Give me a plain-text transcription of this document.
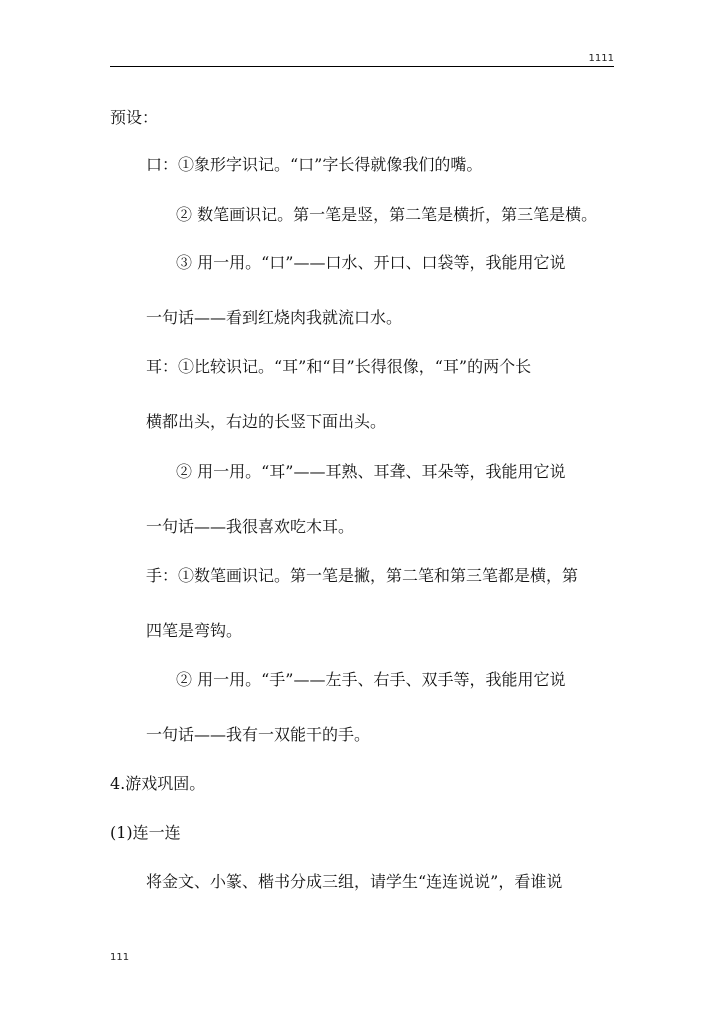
1111
预设：
口：①象形字识记。“口”字长得就像我们的嘴。
② 数笔画识记。第一笔是竖，第二笔是横折，第三笔是横。
③ 用一用。“口”——口水、开口、口袋等，我能用它说
一句话——看到红烧肉我就流口水。
耳：①比较识记。“耳”和“目”长得很像，“耳”的两个长
横都出头，右边的长竖下面出头。
② 用一用。“耳”——耳熟、耳聋、耳朵等，我能用它说
一句话——我很喜欢吃木耳。
手：①数笔画识记。第一笔是撇，第二笔和第三笔都是横，第
四笔是弯钩。
② 用一用。“手”——左手、右手、双手等，我能用它说
一句话——我有一双能干的手。
4.游戏巩固。
(1)连一连
将金文、小篆、楷书分成三组，请学生“连连说说”，看谁说
111
